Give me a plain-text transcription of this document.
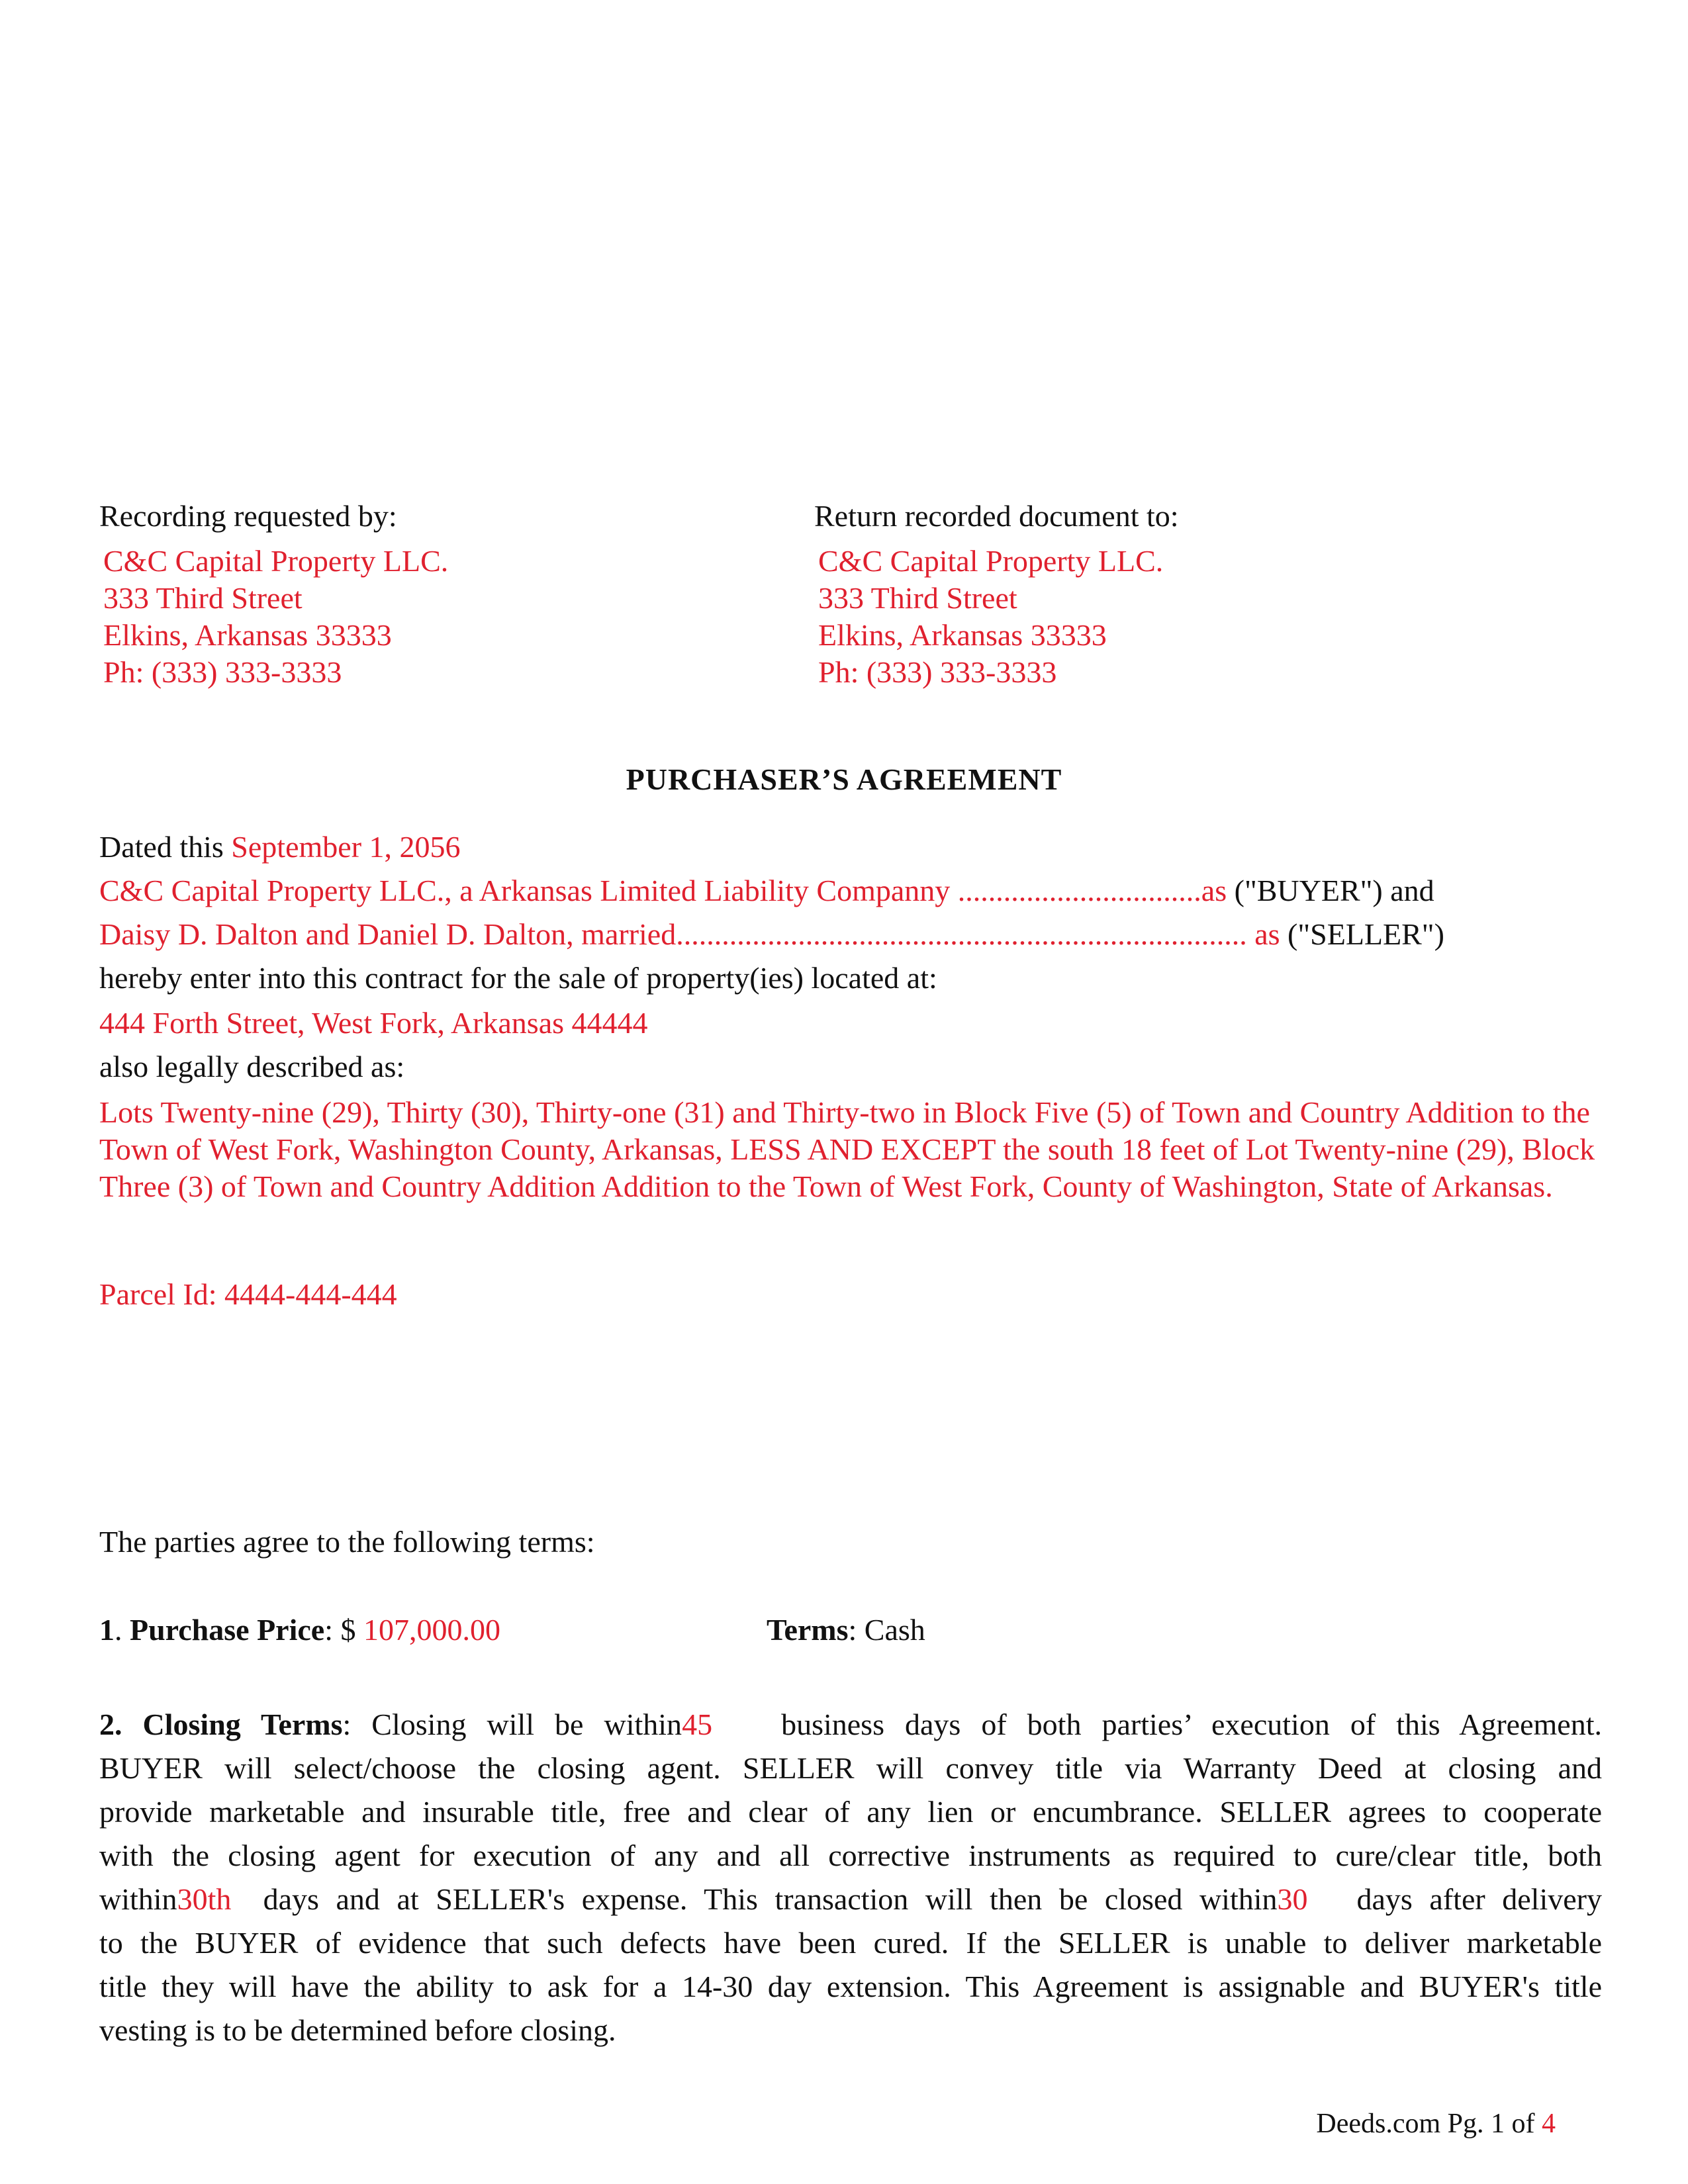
Recording requested by:
C&C Capital Property LLC.
333 Third Street
Elkins, Arkansas 33333
Ph: (333) 333-3333
Return recorded document to:
C&C Capital Property LLC.
333 Third Street
Elkins, Arkansas 33333
Ph: (333) 333-3333
PURCHASER’S AGREEMENT
Dated this September 1, 2056
C&C Capital Property LLC., a Arkansas Limited Liability Companny ................................as ("BUYER") and
Daisy D. Dalton and Daniel D. Dalton, married........................................................................... as ("SELLER")
hereby enter into this contract for the sale of property(ies) located at:
444 Forth Street, West Fork, Arkansas 44444
also legally described as:
Lots Twenty-nine (29), Thirty (30), Thirty-one (31) and Thirty-two in Block Five (5) of Town and Country Addition to the Town of West Fork, Washington County, Arkansas, LESS AND EXCEPT the south 18 feet of Lot Twenty-nine (29), Block Three (3) of Town and Country Addition Addition to the Town of West Fork, County of Washington, State of Arkansas.
Parcel Id: 4444-444-444
The parties agree to the following terms:
1. Purchase Price: $ 107,000.00	Terms: Cash
2. Closing Terms: Closing will be within45 business days of both parties’ execution of this Agreement.
BUYER will select/choose the closing agent. SELLER will convey title via Warranty Deed at closing and
provide marketable and insurable title, free and clear of any lien or encumbrance. SELLER agrees to cooperate
with the closing agent for execution of any and all corrective instruments as required to cure/clear title, both
within30th days and at SELLER's expense. This transaction will then be closed within30 days after delivery
to the BUYER of evidence that such defects have been cured. If the SELLER is unable to deliver marketable
title they will have the ability to ask for a 14-30 day extension. This Agreement is assignable and BUYER's title
vesting is to be determined before closing.
Deeds.com Pg. 1 of 4
